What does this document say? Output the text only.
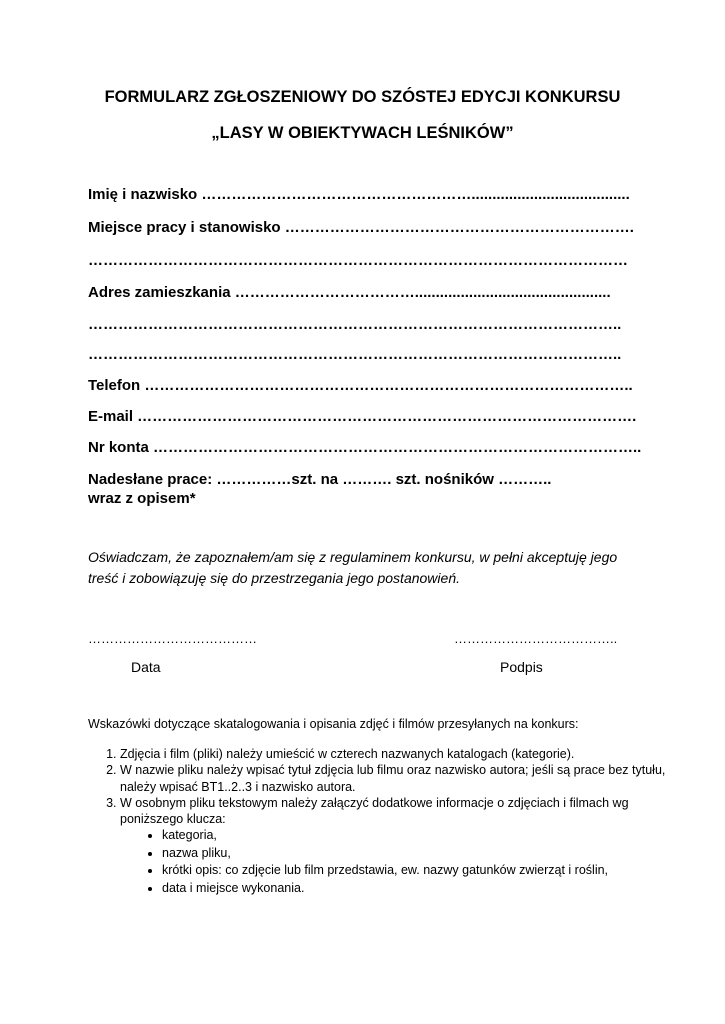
FORMULARZ ZGŁOSZENIOWY DO SZÓSTEJ EDYCJI KONKURSU
„LASY W OBIEKTYWACH LEŚNIKÓW”
Imię i nazwisko ………………………………………………......................................
Miejsce pracy i stanowisko …………………………………………………………….
………………………………………………………………………………………………
Adres zamieszkania ………………………………...............................................
……………………………………………………………………………………………..
……………………………………………………………………………………………..
Telefon ……………………………………………………………………………………..
E-mail ……………………………………………………………………………………….
Nr konta ……………………………………………………………………………………..
Nadesłane prace: ……………szt. na ………. szt. nośników ………..
wraz z opisem*
Oświadczam, że zapoznałem/am się z regulaminem konkursu, w pełni akceptuję jego treść i zobowiązuję się do przestrzegania jego postanowień.
…………………………………	………………………………..
Data	Podpis
Wskazówki dotyczące skatalogowania i opisania zdjęć i filmów przesyłanych na konkurs:
1. Zdjęcia i film (pliki) należy umieścić w czterech nazwanych katalogach (kategorie).
2. W nazwie pliku należy wpisać tytuł zdjęcia lub filmu oraz nazwisko autora; jeśli są prace bez tytułu, należy wpisać BT1..2..3 i nazwisko autora.
3. W osobnym pliku tekstowym należy załączyć dodatkowe informacje o zdjęciach i filmach wg poniższego klucza:
• kategoria,
• nazwa pliku,
• krótki opis: co zdjęcie lub film przedstawia, ew. nazwy gatunków zwierząt i roślin,
• data i miejsce wykonania.
